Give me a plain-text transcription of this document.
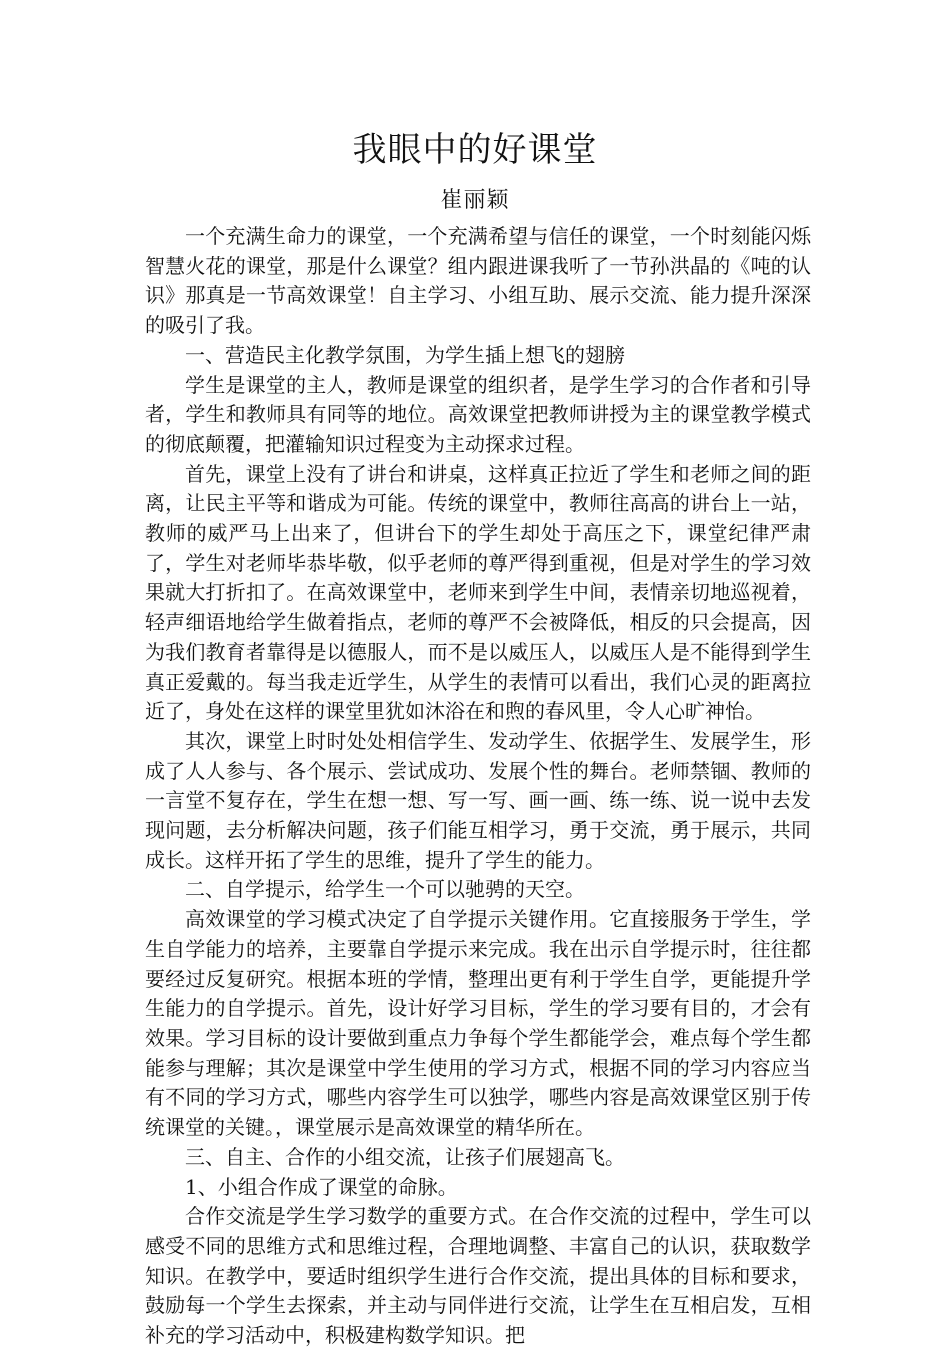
我眼中的好课堂
崔丽颖

一个充满生命力的课堂，一个充满希望与信任的课堂，一个时刻能闪烁智慧火花的课堂，那是什么课堂？组内跟进课我听了一节孙洪晶的《吨的认识》那真是一节高效课堂！自主学习、小组互助、展示交流、能力提升深深的吸引了我。

一、营造民主化教学氛围，为学生插上想飞的翅膀

学生是课堂的主人，教师是课堂的组织者，是学生学习的合作者和引导者，学生和教师具有同等的地位。高效课堂把教师讲授为主的课堂教学模式的彻底颠覆，把灌输知识过程变为主动探求过程。

首先，课堂上没有了讲台和讲桌，这样真正拉近了学生和老师之间的距离，让民主平等和谐成为可能。传统的课堂中，教师往高高的讲台上一站，教师的威严马上出来了，但讲台下的学生却处于高压之下，课堂纪律严肃了，学生对老师毕恭毕敬，似乎老师的尊严得到重视，但是对学生的学习效果就大打折扣了。在高效课堂中，老师来到学生中间，表情亲切地巡视着，轻声细语地给学生做着指点，老师的尊严不会被降低，相反的只会提高，因为我们教育者靠得是以德服人，而不是以威压人，以威压人是不能得到学生真正爱戴的。每当我走近学生，从学生的表情可以看出，我们心灵的距离拉近了，身处在这样的课堂里犹如沐浴在和煦的春风里，令人心旷神怡。

其次，课堂上时时处处相信学生、发动学生、依据学生、发展学生，形成了人人参与、各个展示、尝试成功、发展个性的舞台。老师禁锢、教师的一言堂不复存在，学生在想一想、写一写、画一画、练一练、说一说中去发现问题，去分析解决问题，孩子们能互相学习，勇于交流，勇于展示，共同成长。这样开拓了学生的思维，提升了学生的能力。

二、自学提示，给学生一个可以驰骋的天空。

高效课堂的学习模式决定了自学提示关键作用。它直接服务于学生，学生自学能力的培养，主要靠自学提示来完成。我在出示自学提示时，往往都要经过反复研究。根据本班的学情，整理出更有利于学生自学，更能提升学生能力的自学提示。首先，设计好学习目标，学生的学习要有目的，才会有效果。学习目标的设计要做到重点力争每个学生都能学会，难点每个学生都能参与理解；其次是课堂中学生使用的学习方式，根据不同的学习内容应当有不同的学习方式，哪些内容学生可以独学，哪些内容是高效课堂区别于传统课堂的关键。，课堂展示是高效课堂的精华所在。

三、自主、合作的小组交流，让孩子们展翅高飞。

1、小组合作成了课堂的命脉。

合作交流是学生学习数学的重要方式。在合作交流的过程中，学生可以感受不同的思维方式和思维过程，合理地调整、丰富自己的认识，获取数学知识。在教学中，要适时组织学生进行合作交流，提出具体的目标和要求，鼓励每一个学生去探索，并主动与同伴进行交流，让学生在互相启发，互相补充的学习活动中，积极建构数学知识。把
